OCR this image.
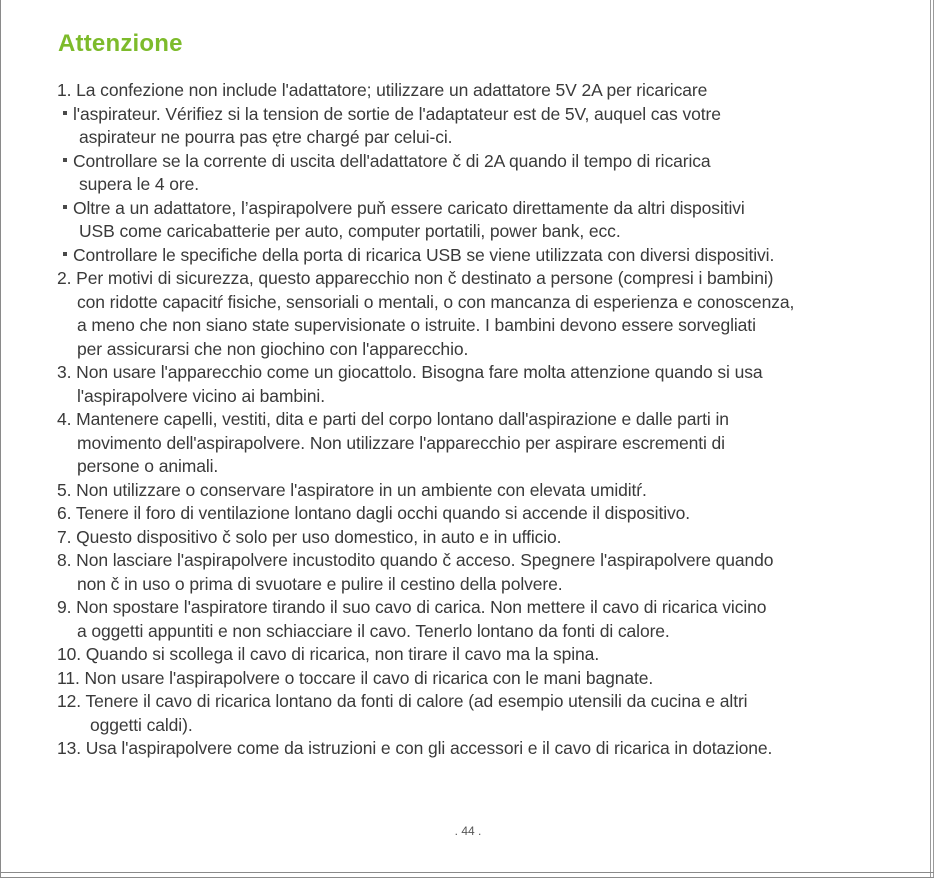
Attenzione
1. La confezione non include l'adattatore; utilizzare un adattatore 5V 2A per ricaricare
l'aspirateur. Vérifiez si la tension de sortie de l'adaptateur est de 5V, auquel cas votre
aspirateur ne pourra pas ętre chargé par celui-ci.
Controllare se la corrente di uscita dell'adattatore č di 2A quando il tempo di ricarica
supera le 4 ore.
Oltre a un adattatore, l’aspirapolvere puň essere caricato direttamente da altri dispositivi
USB come caricabatterie per auto, computer portatili, power bank, ecc.
Controllare le specifiche della porta di ricarica USB se viene utilizzata con diversi dispositivi.
2. Per motivi di sicurezza, questo apparecchio non č destinato a persone (compresi i bambini)
con ridotte capacitŕ fisiche, sensoriali o mentali, o con mancanza di esperienza e conoscenza,
a meno che non siano state supervisionate o istruite. I bambini devono essere sorvegliati
per assicurarsi che non giochino con l'apparecchio.
3. Non usare l'apparecchio come un giocattolo. Bisogna fare molta attenzione quando si usa
l'aspirapolvere vicino ai bambini.
4. Mantenere capelli, vestiti, dita e parti del corpo lontano dall'aspirazione e dalle parti in
movimento dell'aspirapolvere. Non utilizzare l'apparecchio per aspirare escrementi di
persone o animali.
5. Non utilizzare o conservare l'aspiratore in un ambiente con elevata umiditŕ.
6. Tenere il foro di ventilazione lontano dagli occhi quando si accende il dispositivo.
7. Questo dispositivo č solo per uso domestico, in auto e in ufficio.
8. Non lasciare l'aspirapolvere incustodito quando č acceso. Spegnere l'aspirapolvere quando
non č in uso o prima di svuotare e pulire il cestino della polvere.
9. Non spostare l'aspiratore tirando il suo cavo di carica. Non mettere il cavo di ricarica vicino
a oggetti appuntiti e non schiacciare il cavo. Tenerlo lontano da fonti di calore.
10. Quando si scollega il cavo di ricarica, non tirare il cavo ma la spina.
11. Non usare l'aspirapolvere o toccare il cavo di ricarica con le mani bagnate.
12. Tenere il cavo di ricarica lontano da fonti di calore (ad esempio utensili da cucina e altri
oggetti caldi).
13. Usa l'aspirapolvere come da istruzioni e con gli accessori e il cavo di ricarica in dotazione.
. 44 .
